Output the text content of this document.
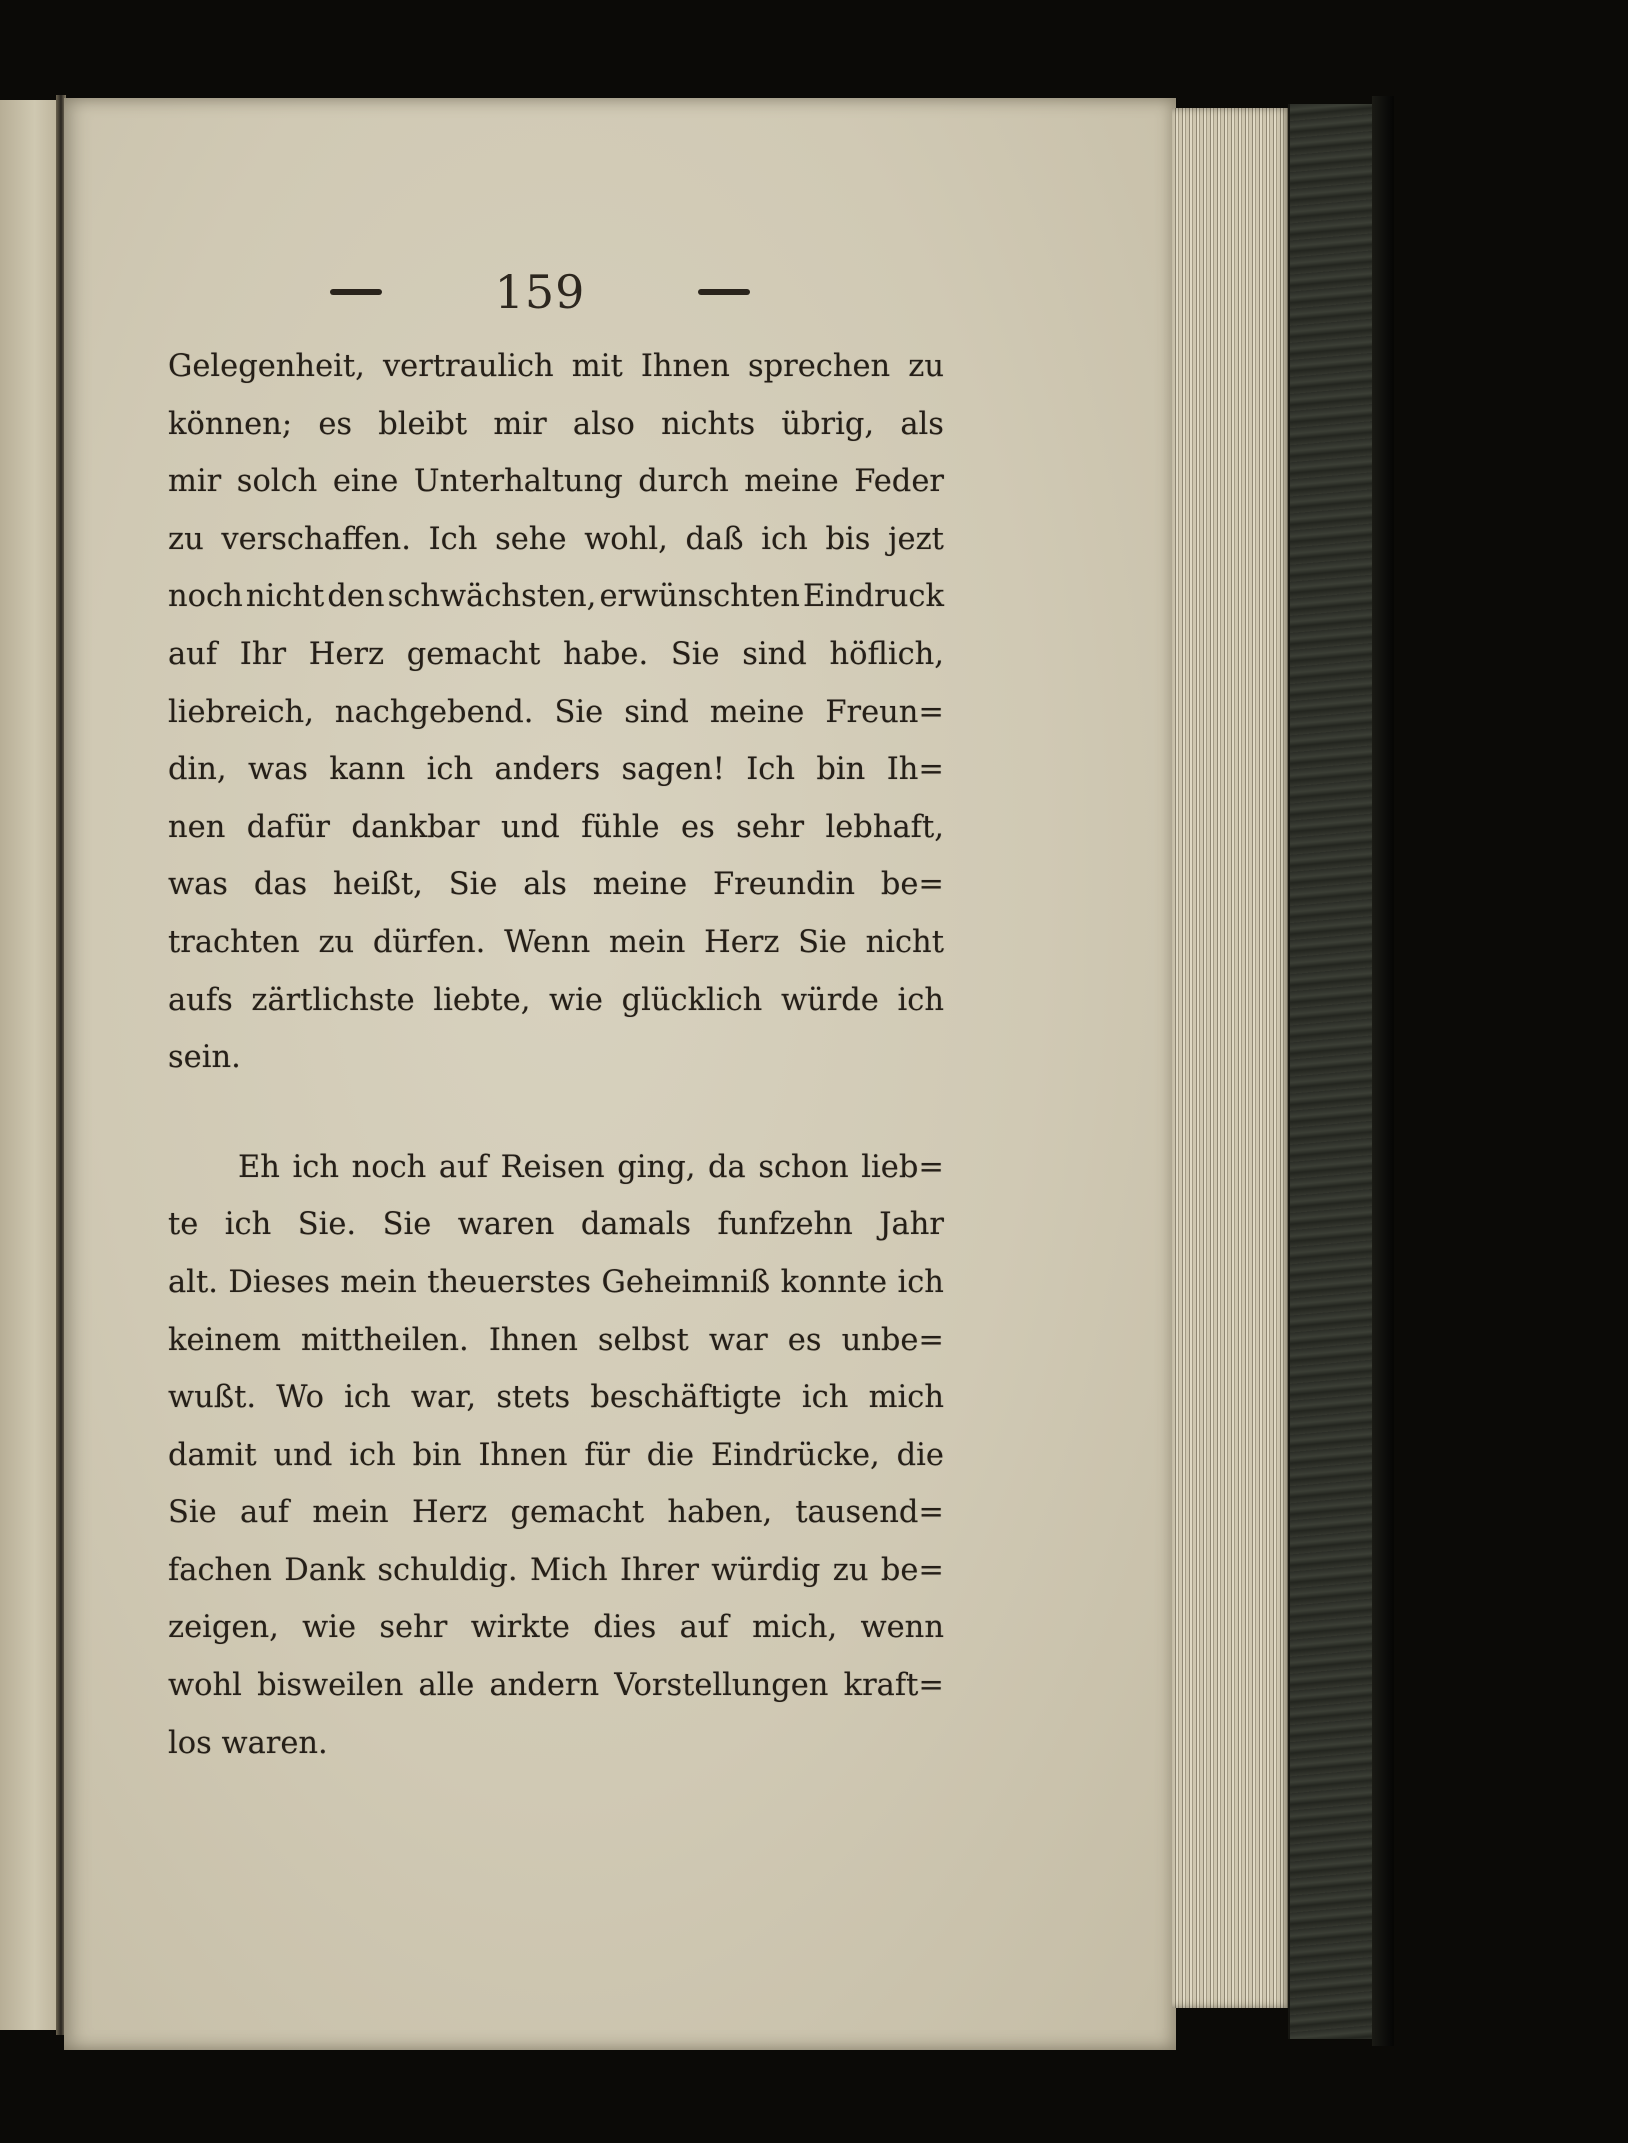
159
Gelegenheit, vertraulich mit Ihnen sprechen zu
können; es bleibt mir also nichts übrig, als
mir solch eine Unterhaltung durch meine Feder
zu verschaffen. Ich sehe wohl, daß ich bis jezt
noch nicht den schwächsten, erwünschten Eindruck
auf Ihr Herz gemacht habe. Sie sind höflich,
liebreich, nachgebend. Sie sind meine Freun=
din, was kann ich anders sagen! Ich bin Ih=
nen dafür dankbar und fühle es sehr lebhaft,
was das heißt, Sie als meine Freundin be=
trachten zu dürfen. Wenn mein Herz Sie nicht
aufs zärtlichste liebte, wie glücklich würde ich
sein.
Eh ich noch auf Reisen ging, da schon lieb=
te ich Sie. Sie waren damals funfzehn Jahr
alt. Dieses mein theuerstes Geheimniß konnte ich
keinem mittheilen. Ihnen selbst war es unbe=
wußt. Wo ich war, stets beschäftigte ich mich
damit und ich bin Ihnen für die Eindrücke, die
Sie auf mein Herz gemacht haben, tausend=
fachen Dank schuldig. Mich Ihrer würdig zu be=
zeigen, wie sehr wirkte dies auf mich, wenn
wohl bisweilen alle andern Vorstellungen kraft=
los waren.
